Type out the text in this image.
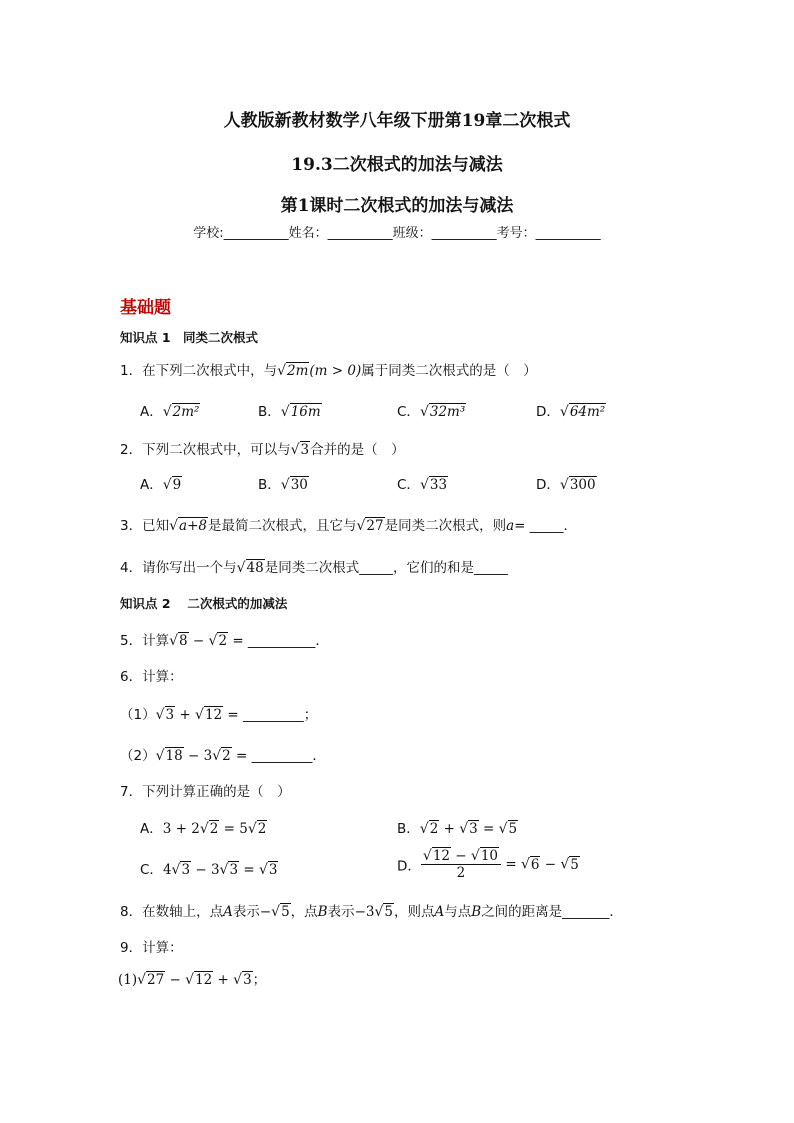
人教版新教材数学八年级下册第19章二次根式
19.3二次根式的加法与减法
第1课时二次根式的加法与减法
学校:__________姓名：__________班级：__________考号：__________
基础题
知识点 1　同类二次根式
1．在下列二次根式中，与√2m(m > 0)属于同类二次根式的是（　）
A．√2m²	B．√16m	C．√32m³	D．√64m²
2．下列二次根式中，可以与√3合并的是（　）
A．√9	B．√30	C．√33	D．√300
3．已知√a+8是最简二次根式，且它与√27是同类二次根式，则a= _____．
4．请你写出一个与√48是同类二次根式_____，它们的和是_____
知识点 2　 二次根式的加减法
5．计算√8 − √2 = __________．
6．计算：
（1）√3 + √12 = _________；
（2）√18 − 3√2 = _________．
7．下列计算正确的是（　）
A．3 + 2√2 = 5√2	B．√2 + √3 = √5
C．4√3 − 3√3 = √3	D． $\frac{√12 - √10}{2} = √6 - √5$
8．在数轴上，点A表示−√5，点B表示−3√5，则点A与点B之间的距离是_______．
9．计算：
(1)√27 − √12 + √3；
